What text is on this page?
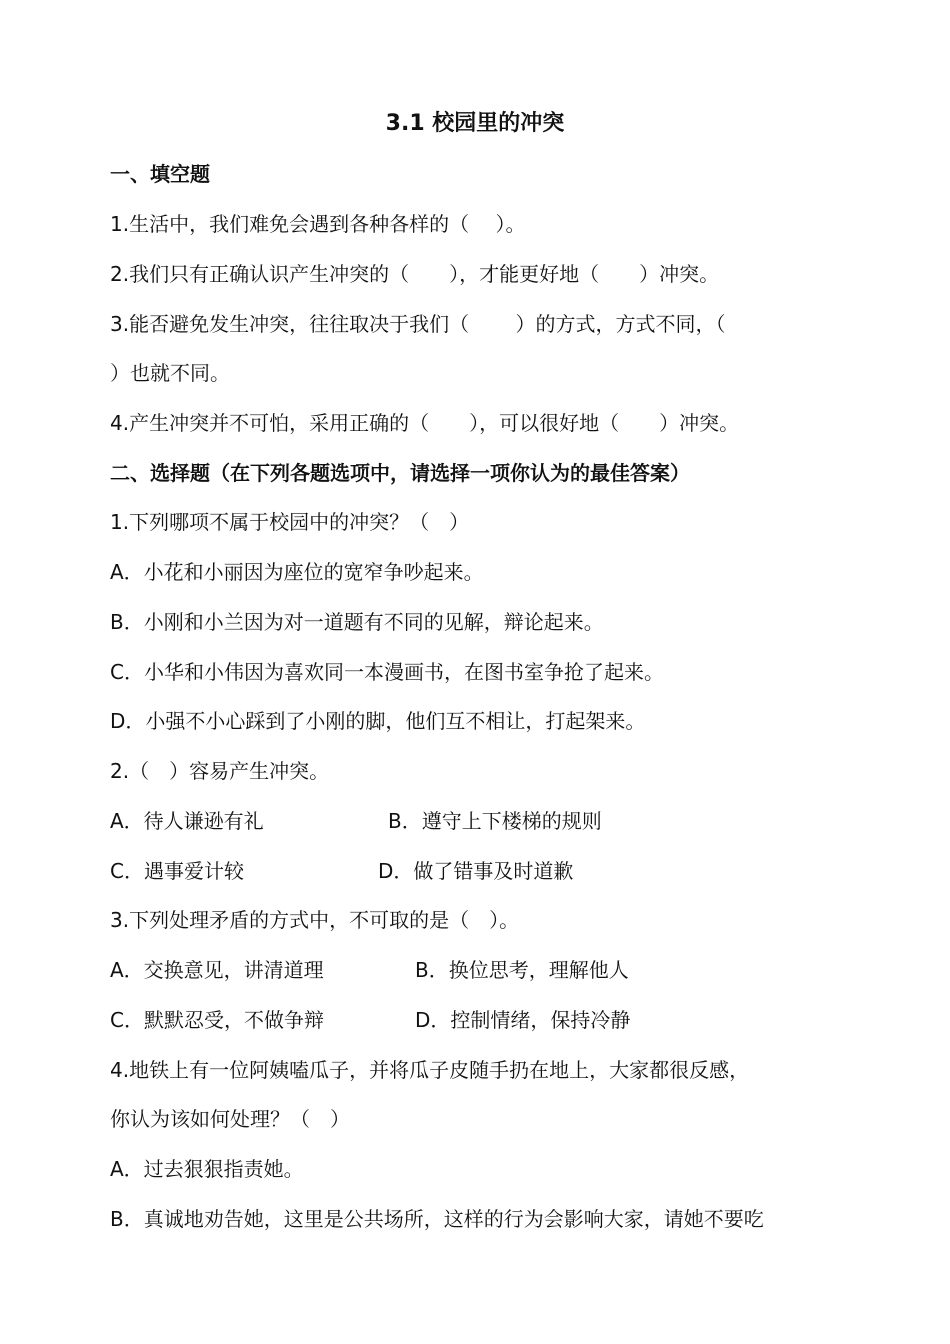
3.1 校园里的冲突
一、填空题
1.生活中，我们难免会遇到各种各样的（　 ）。
2.我们只有正确认识产生冲突的（　　），才能更好地（　　）冲突。
3.能否避免发生冲突，往往取决于我们（　　 ）的方式，方式不同，（
）也就不同。
4.产生冲突并不可怕，采用正确的（　　），可以很好地（　　）冲突。
二、选择题（在下列各题选项中，请选择一项你认为的最佳答案）
1.下列哪项不属于校园中的冲突？（　）
A．小花和小丽因为座位的宽窄争吵起来。
B．小刚和小兰因为对一道题有不同的见解，辩论起来。
C．小华和小伟因为喜欢同一本漫画书，在图书室争抢了起来。
D．小强不小心踩到了小刚的脚，他们互不相让，打起架来。
2.（　）容易产生冲突。
A．待人谦逊有礼	B．遵守上下楼梯的规则
C．遇事爱计较	D．做了错事及时道歉
3.下列处理矛盾的方式中，不可取的是（　）。
A．交换意见，讲清道理	B．换位思考，理解他人
C．默默忍受，不做争辩	D．控制情绪，保持冷静
4.地铁上有一位阿姨嗑瓜子，并将瓜子皮随手扔在地上，大家都很反感，
你认为该如何处理？（　）
A．过去狠狠指责她。
B．真诚地劝告她，这里是公共场所，这样的行为会影响大家，请她不要吃
